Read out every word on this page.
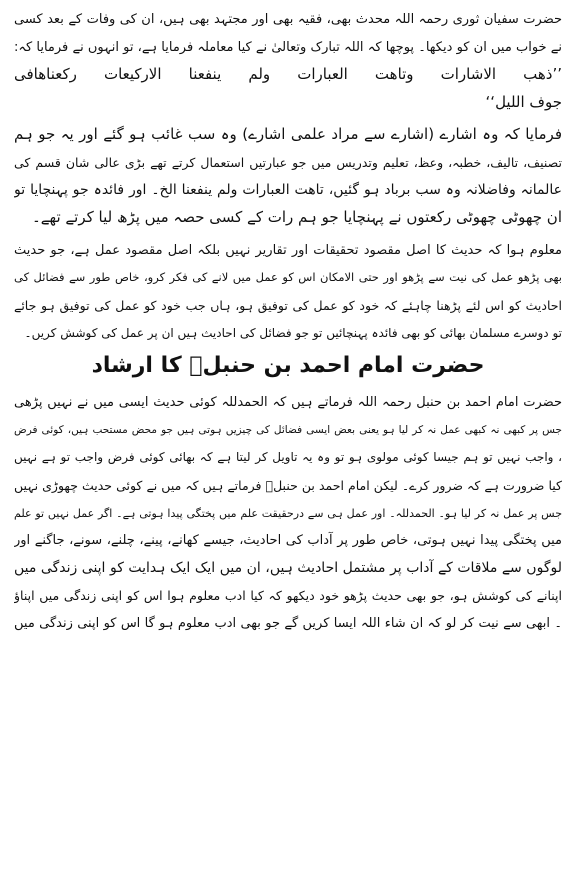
حضرت سفیان ثوری رحمہ اللہ محدث بھی، فقیہ بھی اور مجتہد بھی ہیں، ان کی وفات کے بعد کسی
نے خواب میں ان کو دیکھا۔ پوچھا کہ اللہ تبارک وتعالیٰ نے کیا معاملہ فرمایا ہے، تو انہوں نے فرمایا کہ:
’’ذھب الاشارات وتاھت العبارات ولم ینفعنا الارکیعات رکعناھافی
جوف اللیل‘‘
فرمایا کہ وہ اشارے (اشارے سے مراد علمی اشارے) وہ سب غائب ہو گئے اور یہ جو ہم
تصنیف، تالیف، خطبہ، وعظ، تعلیم وتدریس میں جو عبارتیں استعمال کرتے تھے بڑی عالی شان قسم کی
عالمانہ وفاضلانہ وہ سب برباد ہو گئیں، تاھت العبارات ولم ینفعنا الخ۔ اور فائدہ جو پہنچایا تو
ان چھوٹی چھوٹی رکعتوں نے پہنچایا جو ہم رات کے کسی حصہ میں پڑھ لیا کرتے تھے۔
معلوم ہوا کہ حدیث کا اصل مقصود تحقیقات اور تقاریر نہیں بلکہ اصل مقصود عمل ہے، جو حدیث
بھی پڑھو عمل کی نیت سے پڑھو اور حتی الامکان اس کو عمل میں لانے کی فکر کرو، خاص طور سے فضائل کی
احادیث کو اس لئے پڑھنا چاہئے کہ خود کو عمل کی توفیق ہو، ہاں جب خود کو عمل کی توفیق ہو جائے
تو دوسرے مسلمان بھائی کو بھی فائدہ پہنچائیں تو جو فضائل کی احادیث ہیں ان پر عمل کی کوشش کریں۔
حضرت امام احمد بن حنبلؒ کا ارشاد
حضرت امام احمد بن حنبل رحمہ اللہ فرماتے ہیں کہ الحمدللہ کوئی حدیث ایسی میں نے نہیں پڑھی
جس پر کبھی نہ کبھی عمل نہ کر لیا ہو یعنی بعض ایسی فضائل کی چیزیں ہوتی ہیں جو محض مستحب ہیں، کوئی فرض
، واجب نہیں تو ہم جیسا کوئی مولوی ہو تو وہ یہ تاویل کر لیتا ہے کہ بھائی کوئی فرض واجب تو ہے نہیں
کیا ضرورت ہے کہ ضرور کرے۔ لیکن امام احمد بن حنبلؒ فرماتے ہیں کہ میں نے کوئی حدیث چھوڑی نہیں
جس پر عمل نہ کر لیا ہو۔ الحمدللہ۔ اور عمل ہی سے درحقیقت علم میں پختگی پیدا ہوتی ہے۔ اگر عمل نہیں تو علم
میں پختگی پیدا نہیں ہوتی، خاص طور پر آداب کی احادیث، جیسے کھانے، پینے، چلنے، سونے، جاگنے اور
لوگوں سے ملاقات کے آداب پر مشتمل احادیث ہیں، ان میں ایک ایک ہدایت کو اپنی زندگی میں
اپنانے کی کوشش ہو، جو بھی حدیث پڑھو خود دیکھو کہ کیا ادب معلوم ہوا اس کو اپنی زندگی میں اپناؤ
۔ ابھی سے نیت کر لو کہ ان شاء اللہ ایسا کریں گے جو بھی ادب معلوم ہو گا اس کو اپنی زندگی میں
